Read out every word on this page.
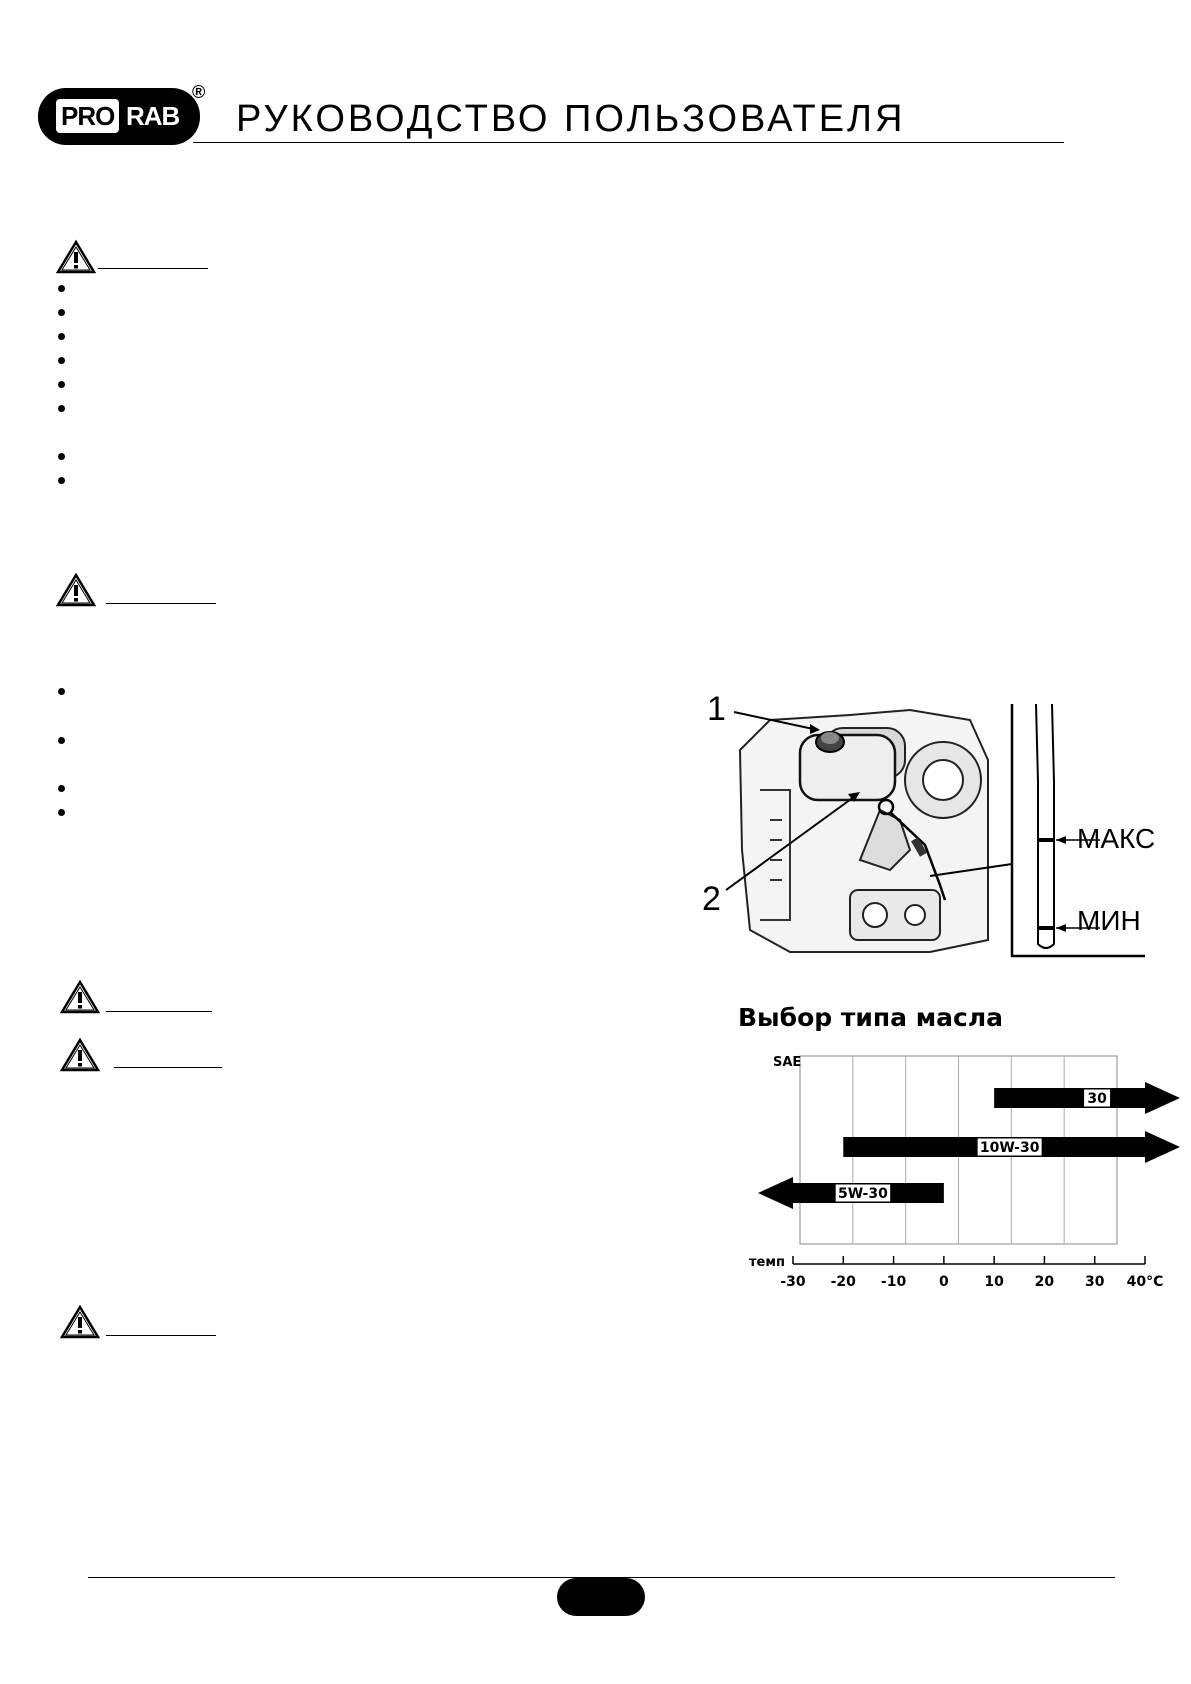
PRO RAB
®
РУКОВОДСТВО ПОЛЬЗОВАТЕЛЯ
1
2
МАКС
МИН
Выбор типа масла
SAE
темп
-30 -20 -10 0	10 20 30 40°C
30
10W-30
5W-30
